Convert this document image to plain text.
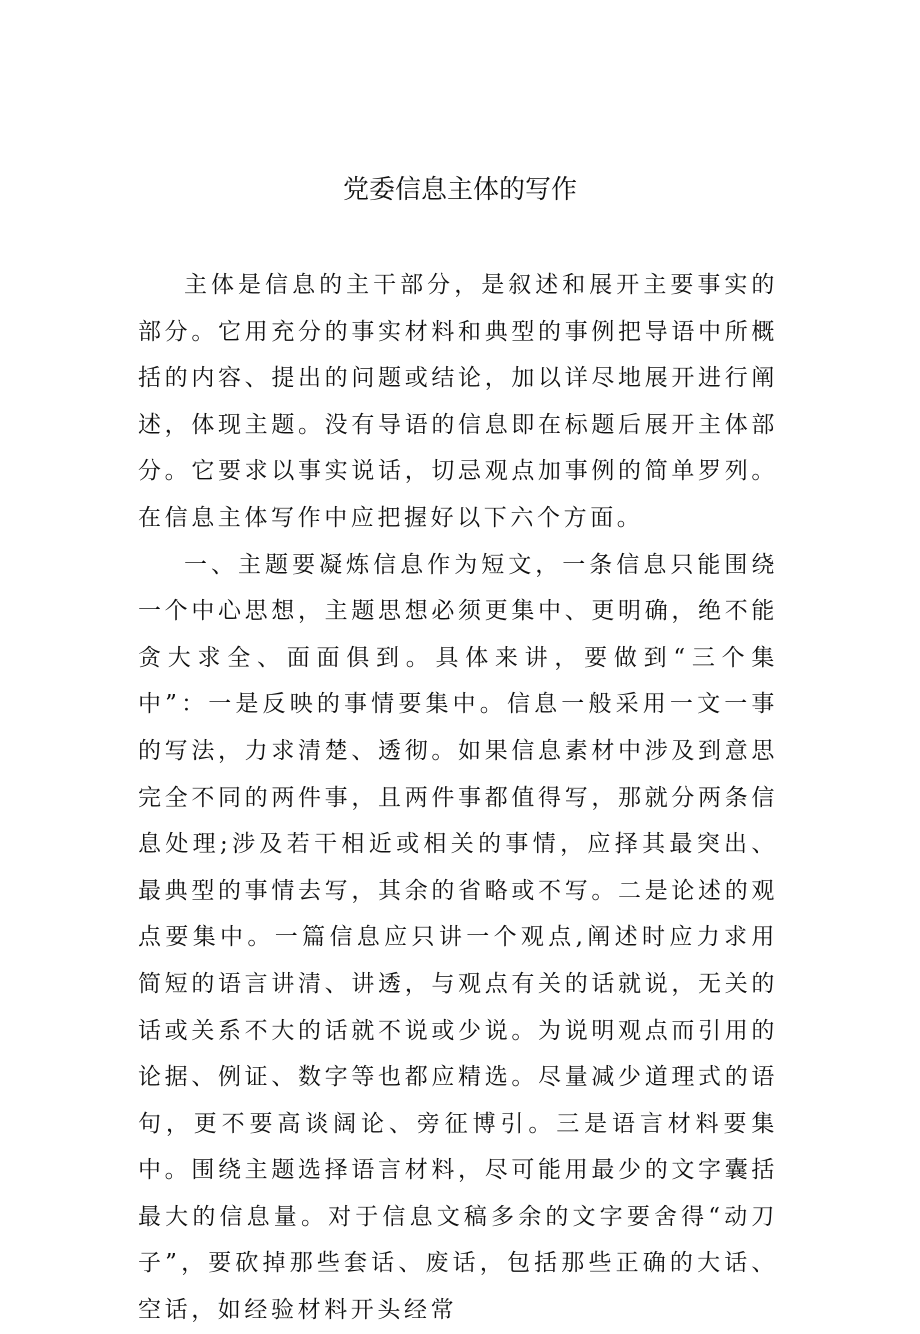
党委信息主体的写作

主体是信息的主干部分，是叙述和展开主要事实的部分。它用充分的事实材料和典型的事例把导语中所概括的内容、提出的问题或结论，加以详尽地展开进行阐述，体现主题。没有导语的信息即在标题后展开主体部分。它要求以事实说话，切忌观点加事例的简单罗列。在信息主体写作中应把握好以下六个方面。

一、主题要凝炼信息作为短文，一条信息只能围绕一个中心思想，主题思想必须更集中、更明确，绝不能贪大求全、面面俱到。具体来讲，要做到“三个集中”：一是反映的事情要集中。信息一般采用一文一事的写法，力求清楚、透彻。如果信息素材中涉及到意思完全不同的两件事，且两件事都值得写，那就分两条信息处理;涉及若干相近或相关的事情，应择其最突出、最典型的事情去写，其余的省略或不写。二是论述的观点要集中。一篇信息应只讲一个观点,阐述时应力求用简短的语言讲清、讲透，与观点有关的话就说，无关的话或关系不大的话就不说或少说。为说明观点而引用的论据、例证、数字等也都应精选。尽量减少道理式的语句，更不要高谈阔论、旁征博引。三是语言材料要集中。围绕主题选择语言材料，尽可能用最少的文字囊括最大的信息量。对于信息文稿多余的文字要舍得“动刀子”，要砍掉那些套话、废话，包括那些正确的大话、空话，如经验材料开头经常
